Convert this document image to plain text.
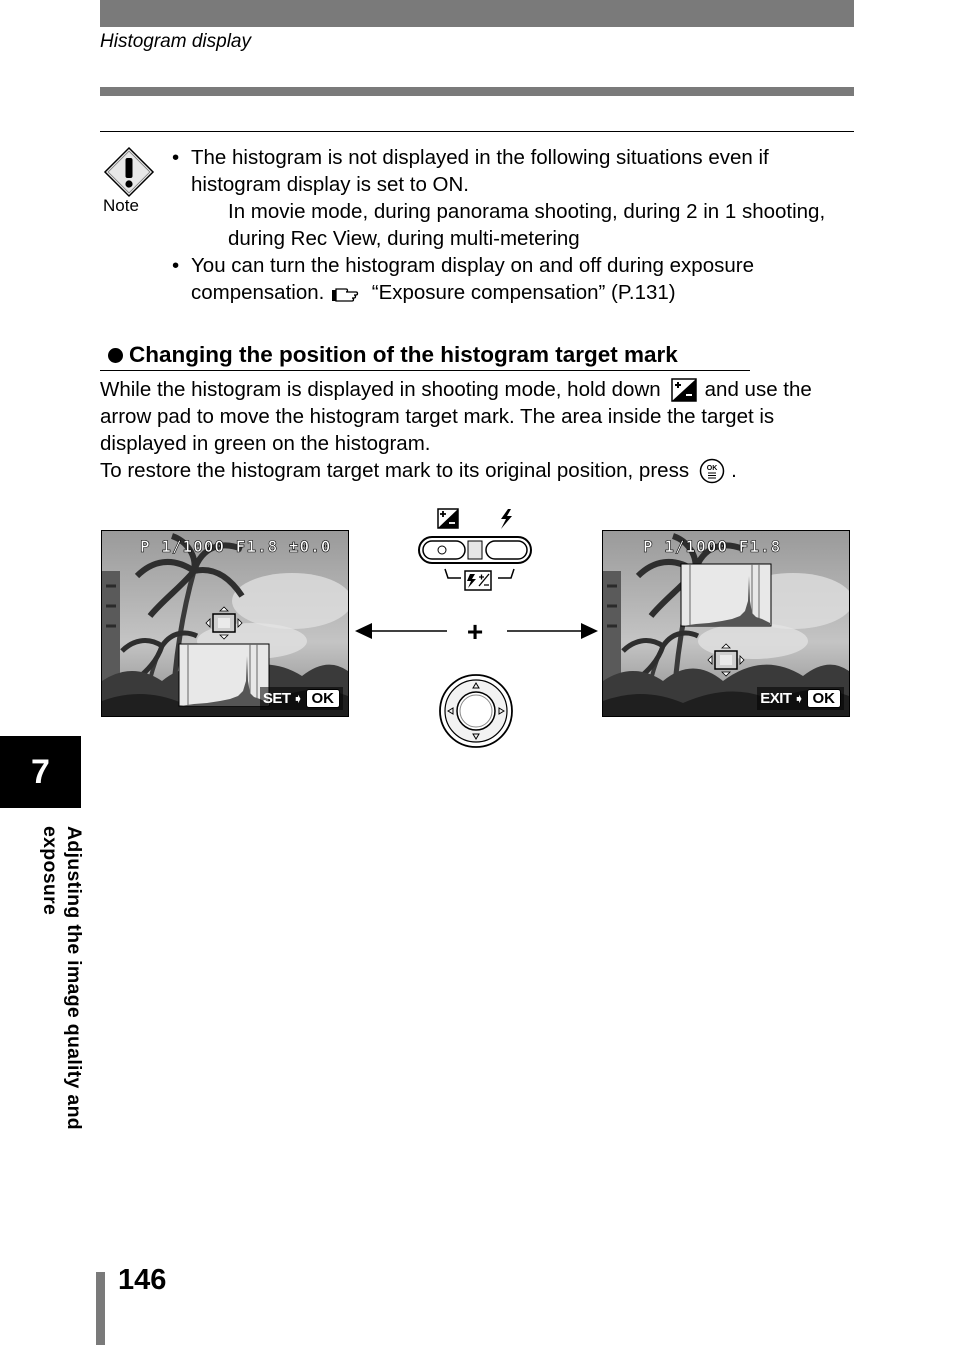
Histogram display
Note
• The histogram is not displayed in the following situations even if histogram display is set to ON.
In movie mode, during panorama shooting, during 2 in 1 shooting, during Rec View, during multi-metering
• You can turn the histogram display on and off during exposure compensation. “Exposure compensation” (P.131)
Changing the position of the histogram target mark
While the histogram is displayed in shooting mode, hold down and use the arrow pad to move the histogram target mark. The area inside the target is displayed in green on the histogram.
To restore the histogram target mark to its original position, press	OK .
P 1/1000 F1.8 ±0.0
SET ➧ OK
P 1/1000 F1.8
EXIT ➧ OK
+
7
Adjusting the image quality and exposure
146
